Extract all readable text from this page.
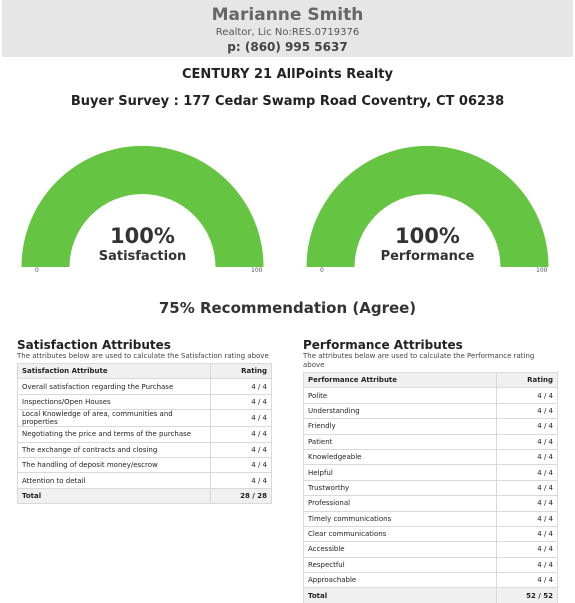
Marianne Smith
Realtor, Lic No:RES.0719376
p: (860) 995 5637
CENTURY 21 AllPoints Realty
Buyer Survey : 177 Cedar Swamp Road Coventry, CT 06238
100%
Satisfaction
0	100
100%
Performance
0	100
75% Recommendation (Agree)
Satisfaction Attributes
The attributes below are used to calculate the Satisfaction rating above
Satisfaction Attribute	Rating
Overall satisfaction regarding the Purchase	4 / 4
Inspections/Open Houses	4 / 4
Local Knowledge of area, communities and properties	4 / 4
Negotiating the price and terms of the purchase	4 / 4
The exchange of contracts and closing	4 / 4
The handling of deposit money/escrow	4 / 4
Attention to detail	4 / 4
Total	28 / 28
Performance Attributes
The attributes below are used to calculate the Performance rating above
Performance Attribute	Rating
Polite	4 / 4
Understanding	4 / 4
Friendly	4 / 4
Patient	4 / 4
Knowledgeable	4 / 4
Helpful	4 / 4
Trustworthy	4 / 4
Professional	4 / 4
Timely communications	4 / 4
Clear communications	4 / 4
Accessible	4 / 4
Respectful	4 / 4
Approachable	4 / 4
Total	52 / 52
